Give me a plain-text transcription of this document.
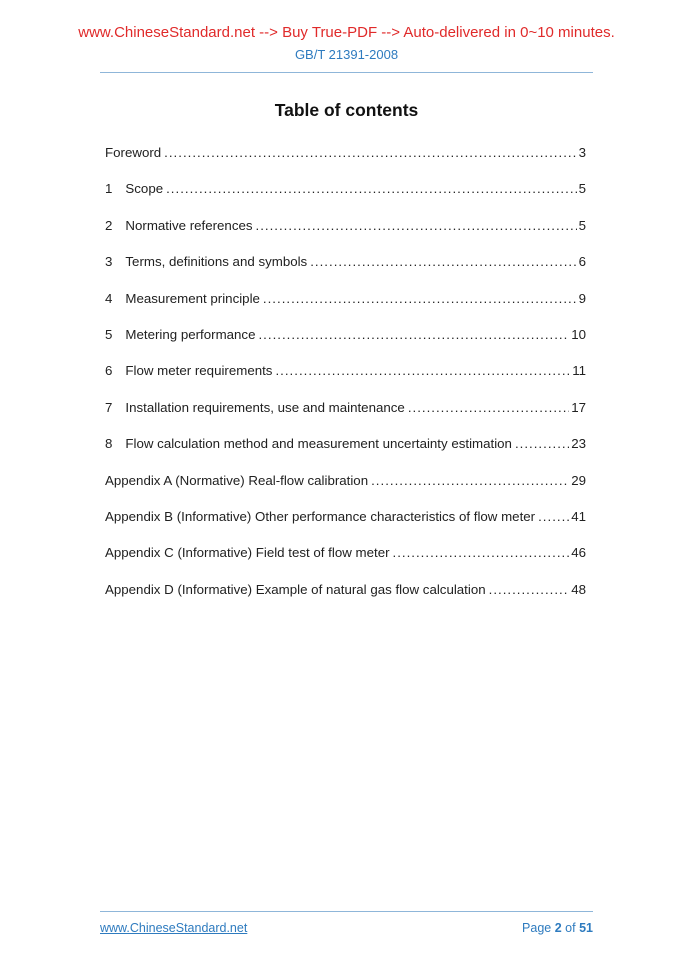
www.ChineseStandard.net --> Buy True-PDF --> Auto-delivered in 0~10 minutes.
GB/T 21391-2008
Table of contents
Foreword .....	3
1 Scope .....	5
2 Normative references .....	5
3 Terms, definitions and symbols .....	6
4 Measurement principle .....	9
5 Metering performance .....	10
6 Flow meter requirements .....	11
7 Installation requirements, use and maintenance .....	17
8 Flow calculation method and measurement uncertainty estimation .....	23
Appendix A (Normative) Real-flow calibration .....	29
Appendix B (Informative) Other performance characteristics of flow meter .....	41
Appendix C (Informative) Field test of flow meter .....	46
Appendix D (Informative) Example of natural gas flow calculation .....	48
www.ChineseStandard.net	Page 2 of 51
